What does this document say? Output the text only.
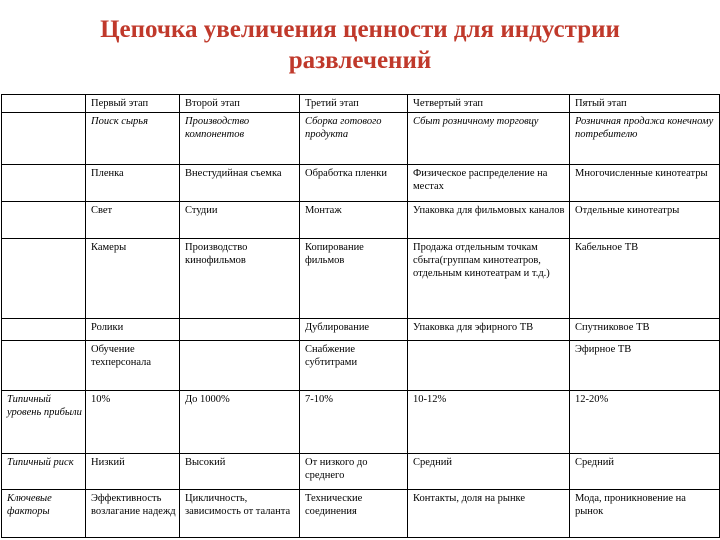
Цепочка увеличения ценности для индустрии
развлечений
	Первый этап	Второй этап	Третий этап	Четвертый этап	Пятый этап
	Поиск сырья	Производство компонентов	Сборка готового продукта	Сбыт розничному торговцу	Розничная продажа конечному потребителю
	Пленка	Внестудийная съемка	Обработка пленки	Физическое распределение на местах	Многочисленные кинотеатры
	Свет	Студии	Монтаж	Упаковка для фильмовых каналов	Отдельные кинотеатры
	Камеры	Производство кинофильмов	Копирование фильмов	Продажа отдельным точкам сбыта(группам кинотеатров, отдельным кинотеатрам и т.д.)	Кабельное ТВ
	Ролики		Дублирование	Упаковка для эфирного ТВ	Спутниковое ТВ
	Обучение техперсонала		Снабжение субтитрами		Эфирное ТВ
Типичный уровень прибыли	10%	До 1000%	7-10%	10-12%	12-20%
Типичный риск	Низкий	Высокий	От низкого до среднего	Средний	Средний
Ключевые факторы	Эффективность возлагание надежд	Цикличность, зависимость от таланта	Технические соединения	Контакты, доля на рынке	Мода, проникновение на рынок
